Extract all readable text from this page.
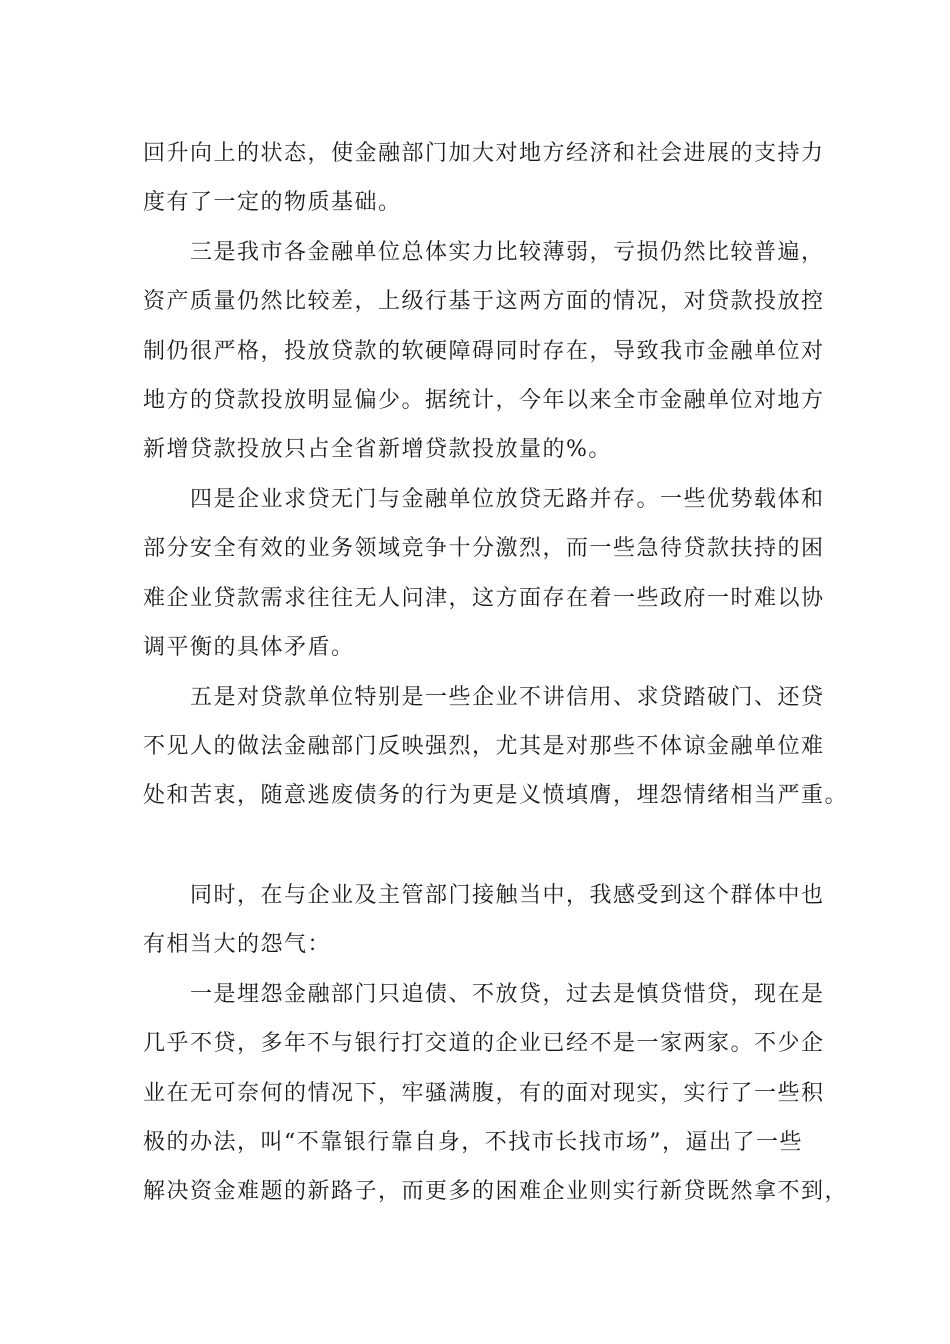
回升向上的状态，使金融部门加大对地方经济和社会进展的支持力
度有了一定的物质基础。
三是我市各金融单位总体实力比较薄弱，亏损仍然比较普遍，
资产质量仍然比较差，上级行基于这两方面的情况，对贷款投放控
制仍很严格，投放贷款的软硬障碍同时存在，导致我市金融单位对
地方的贷款投放明显偏少。据统计，今年以来全市金融单位对地方
新增贷款投放只占全省新增贷款投放量的%。
四是企业求贷无门与金融单位放贷无路并存。一些优势载体和
部分安全有效的业务领域竞争十分激烈，而一些急待贷款扶持的困
难企业贷款需求往往无人问津，这方面存在着一些政府一时难以协
调平衡的具体矛盾。
五是对贷款单位特别是一些企业不讲信用、求贷踏破门、还贷
不见人的做法金融部门反映强烈，尤其是对那些不体谅金融单位难
处和苦衷，随意逃废债务的行为更是义愤填膺，埋怨情绪相当严重。
同时，在与企业及主管部门接触当中，我感受到这个群体中也
有相当大的怨气：
一是埋怨金融部门只追债、不放贷，过去是慎贷惜贷，现在是
几乎不贷，多年不与银行打交道的企业已经不是一家两家。不少企
业在无可奈何的情况下，牢骚满腹，有的面对现实，实行了一些积
极的办法，叫“不靠银行靠自身，不找市长找市场”，逼出了一些
解决资金难题的新路子，而更多的困难企业则实行新贷既然拿不到，
